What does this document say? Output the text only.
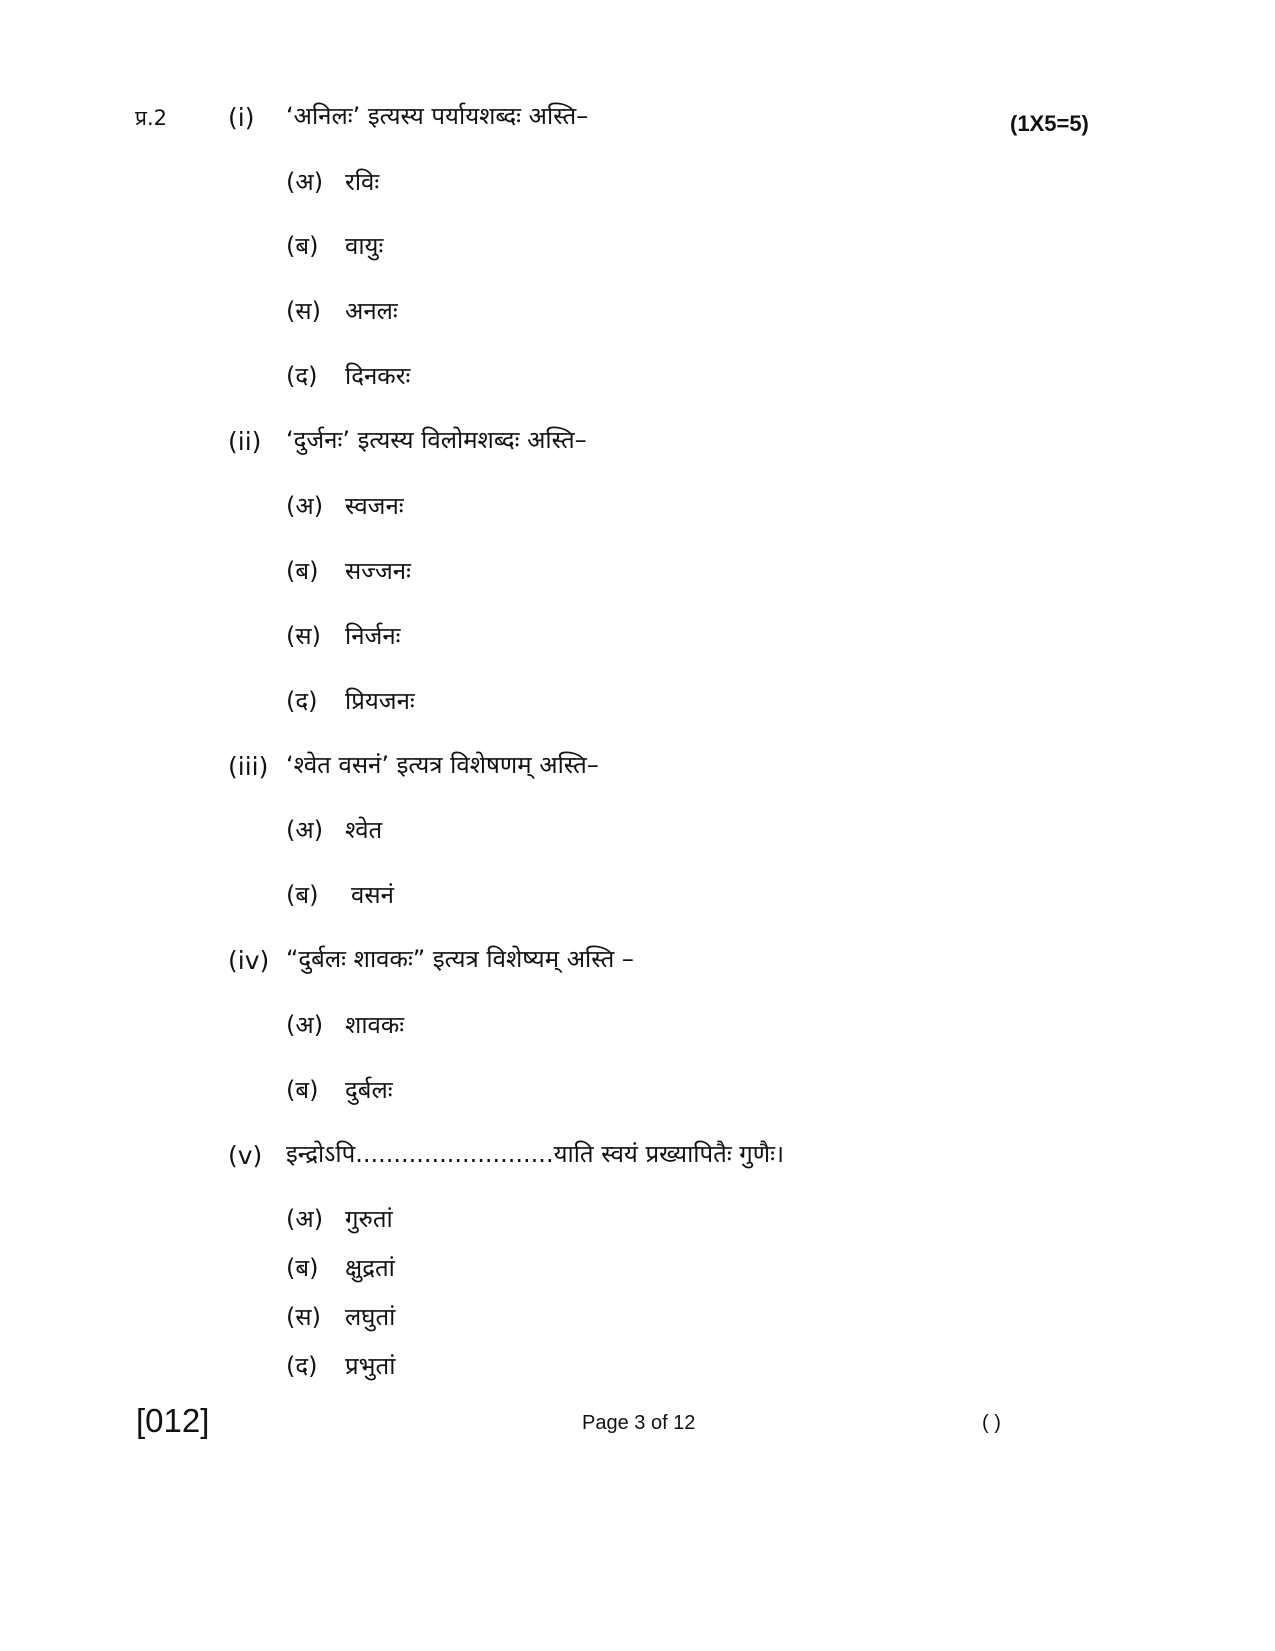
प्र.2	(1X5=5)
(i) ‘अनिलः’ इत्यस्य पर्यायशब्दः अस्ति–
(अ) रविः
(ब) वायुः
(स) अनलः
(द) दिनकरः
(ii) ‘दुर्जनः’ इत्यस्य विलोमशब्दः अस्ति–
(अ) स्वजनः
(ब) सज्जनः
(स) निर्जनः
(द) प्रियजनः
(iii) ‘श्वेत वसनं’ इत्यत्र विशेषणम् अस्ति–
(अ) श्वेत
(ब) वसनं
(iv) “दुर्बलः शावकः” इत्यत्र विशेष्यम् अस्ति –
(अ) शावकः
(ब) दुर्बलः
(v) इन्द्रोऽपि..........................याति स्वयं प्रख्यापितैः गुणैः।
(अ) गुरुतां
(ब) क्षुद्रतां
(स) लघुतां
(द) प्रभुतां
[012]	Page 3 of 12	( )
